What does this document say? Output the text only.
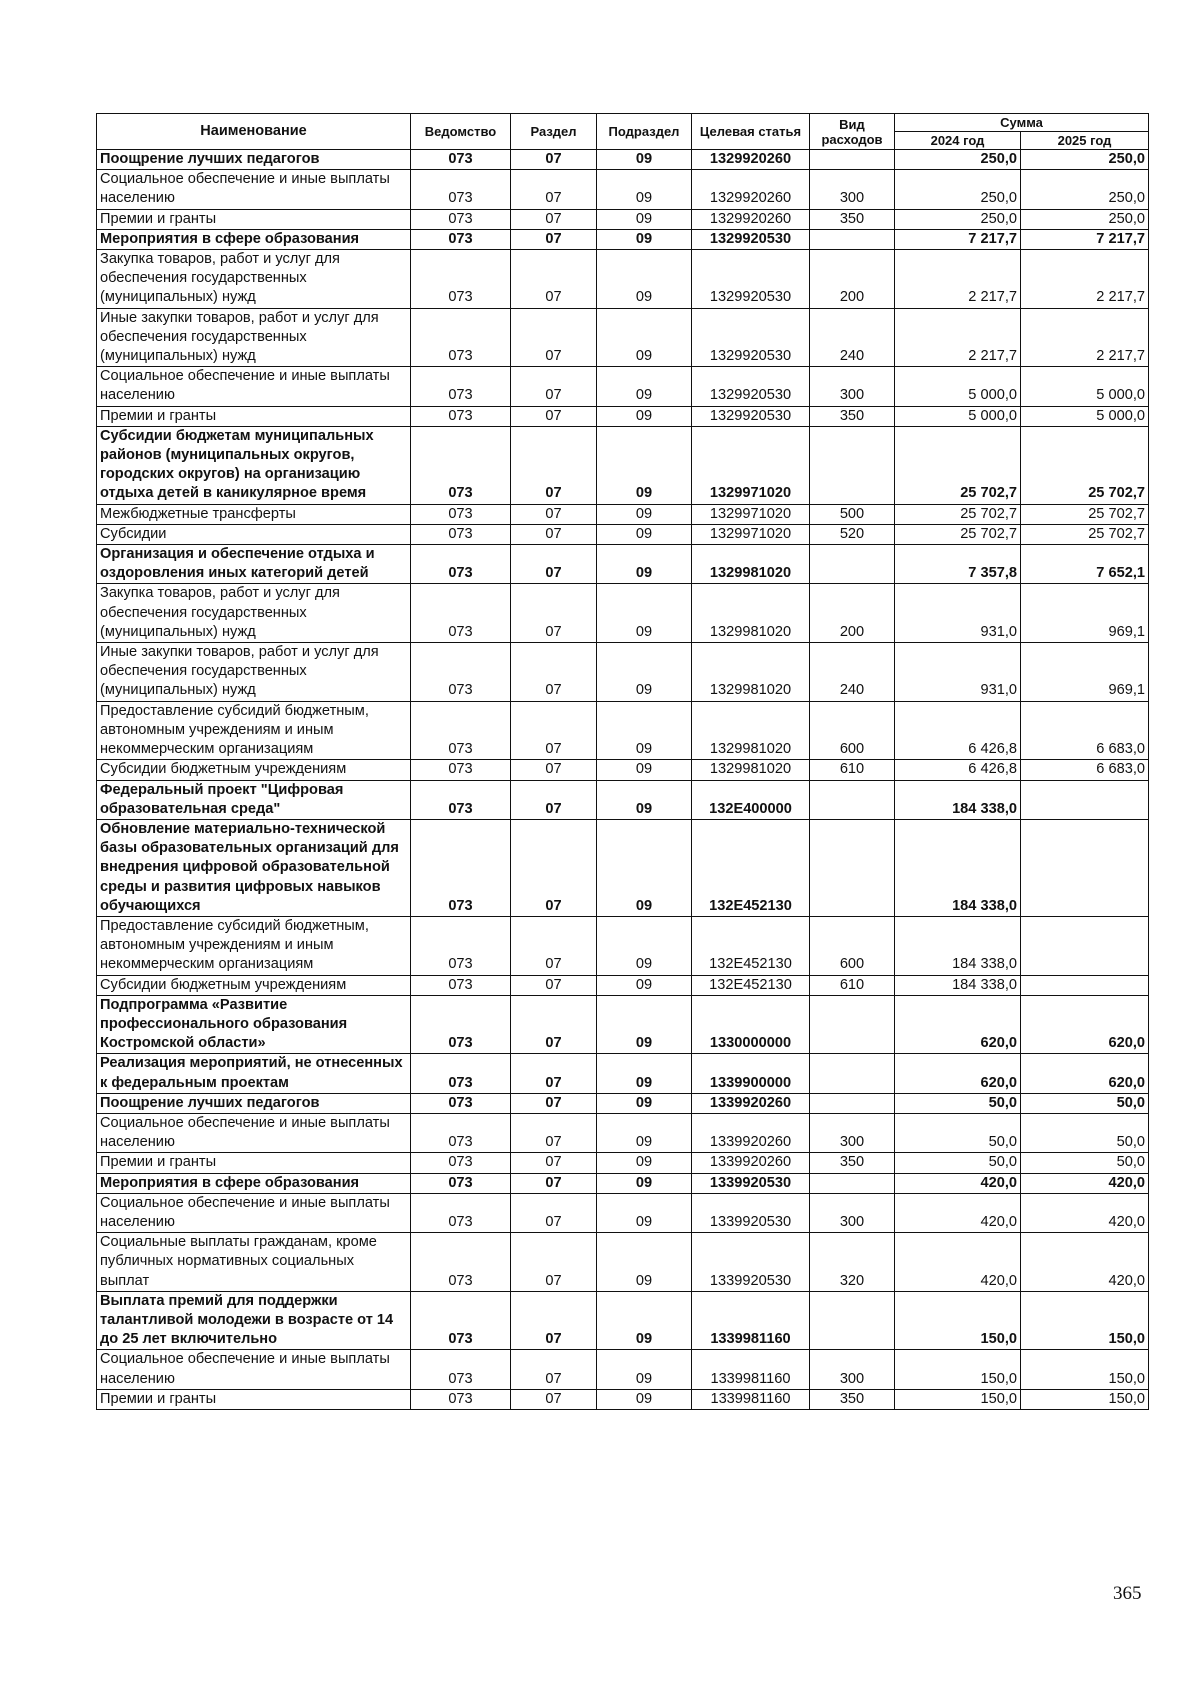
Наименование	Ведомство	Раздел	Подраздел	Целевая статья	Вид расходов	Сумма	
						2024 год	2025 год
Поощрение лучших педагогов	073	07	09	1329920260		250,0	250,0
Социальное обеспечение и иные выплаты населению	073	07	09	1329920260	300	250,0	250,0
Премии и гранты	073	07	09	1329920260	350	250,0	250,0
Мероприятия в сфере образования	073	07	09	1329920530		7 217,7	7 217,7
Закупка товаров, работ и услуг для обеспечения государственных (муниципальных) нужд	073	07	09	1329920530	200	2 217,7	2 217,7
Иные закупки товаров, работ и услуг для обеспечения государственных (муниципальных) нужд	073	07	09	1329920530	240	2 217,7	2 217,7
Социальное обеспечение и иные выплаты населению	073	07	09	1329920530	300	5 000,0	5 000,0
Премии и гранты	073	07	09	1329920530	350	5 000,0	5 000,0
Субсидии бюджетам муниципальных районов (муниципальных округов, городских округов) на организацию отдыха детей в каникулярное время	073	07	09	1329971020		25 702,7	25 702,7
Межбюджетные трансферты	073	07	09	1329971020	500	25 702,7	25 702,7
Субсидии	073	07	09	1329971020	520	25 702,7	25 702,7
Организация и обеспечение отдыха и оздоровления иных категорий детей	073	07	09	1329981020		7 357,8	7 652,1
Закупка товаров, работ и услуг для обеспечения государственных (муниципальных) нужд	073	07	09	1329981020	200	931,0	969,1
Иные закупки товаров, работ и услуг для обеспечения государственных (муниципальных) нужд	073	07	09	1329981020	240	931,0	969,1
Предоставление субсидий бюджетным, автономным учреждениям и иным некоммерческим организациям	073	07	09	1329981020	600	6 426,8	6 683,0
Субсидии бюджетным учреждениям	073	07	09	1329981020	610	6 426,8	6 683,0
Федеральный проект "Цифровая образовательная среда"	073	07	09	132E400000		184 338,0	
Обновление материально-технической базы образовательных организаций для внедрения цифровой образовательной среды и развития цифровых навыков обучающихся	073	07	09	132E452130		184 338,0	
Предоставление субсидий бюджетным, автономным учреждениям и иным некоммерческим организациям	073	07	09	132E452130	600	184 338,0	
Субсидии бюджетным учреждениям	073	07	09	132E452130	610	184 338,0	
Подпрограмма «Развитие профессионального образования Костромской области»	073	07	09	1330000000		620,0	620,0
Реализация мероприятий, не отнесенных к федеральным проектам	073	07	09	1339900000		620,0	620,0
Поощрение лучших педагогов	073	07	09	1339920260		50,0	50,0
Социальное обеспечение и иные выплаты населению	073	07	09	1339920260	300	50,0	50,0
Премии и гранты	073	07	09	1339920260	350	50,0	50,0
Мероприятия в сфере образования	073	07	09	1339920530		420,0	420,0
Социальное обеспечение и иные выплаты населению	073	07	09	1339920530	300	420,0	420,0
Социальные выплаты гражданам, кроме публичных нормативных социальных выплат	073	07	09	1339920530	320	420,0	420,0
Выплата премий для поддержки талантливой молодежи в возрасте от 14 до 25 лет включительно	073	07	09	1339981160		150,0	150,0
Социальное обеспечение и иные выплаты населению	073	07	09	1339981160	300	150,0	150,0
Премии и гранты	073	07	09	1339981160	350	150,0	150,0
365
